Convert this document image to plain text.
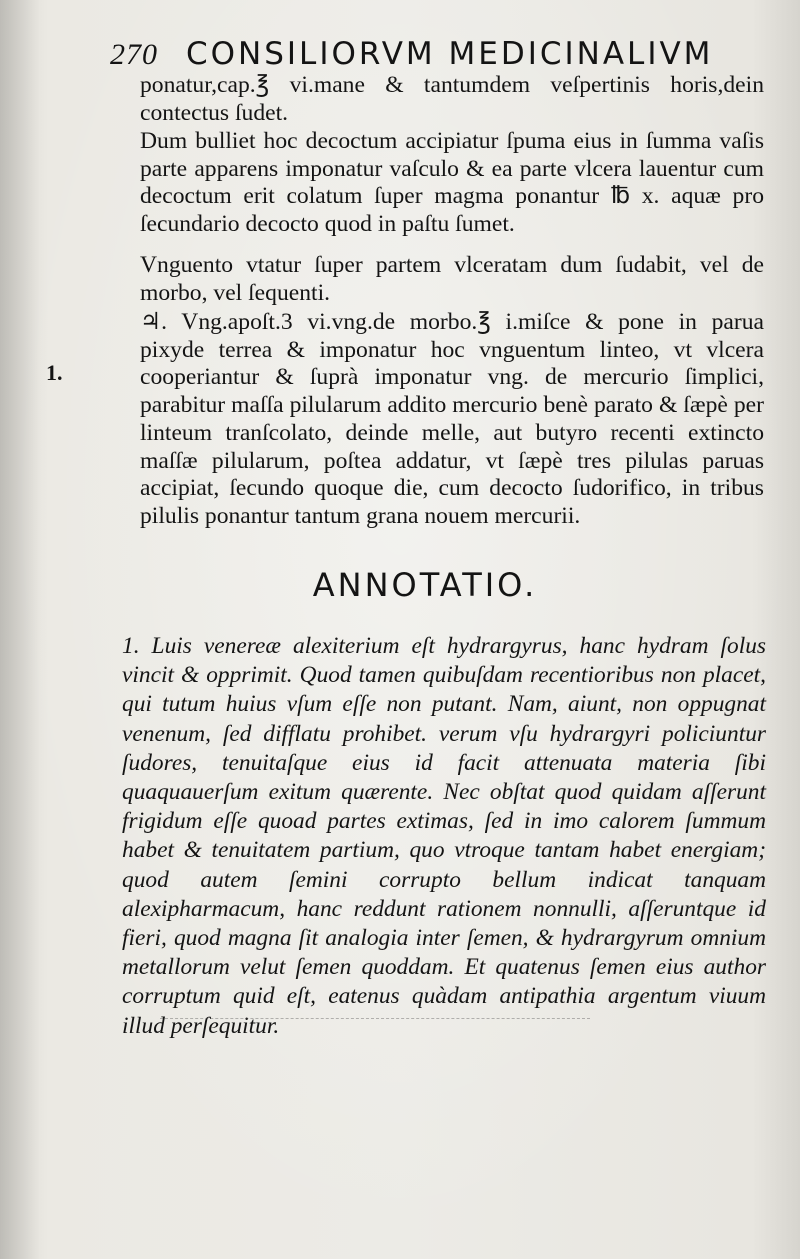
270 CONSILIORVM MEDICINALIVM
ponatur,cap.℥ vi.mane & tantumdem veſpertinis horis,dein contectus ſudet.
Dum bulliet hoc decoctum accipiatur ſpuma eius in ſumma vaſis parte apparens imponatur vaſculo & ea parte vlcera lauentur cum decoctum erit colatum ſuper magma ponantur ℔ x. aquæ pro ſecundario decocto quod in paſtu ſumet.
Vnguento vtatur ſuper partem vlceratam dum ſudabit, vel de morbo, vel ſequenti.
♃. Vng.apoſt.3 vi.vng.de morbo.℥ i.miſce & pone in parua pixyde terrea & imponatur hoc vnguentum linteo, vt vlcera cooperiantur & ſuprà imponatur vng. de mercurio ſimplici, parabitur maſſa pilularum addito mercurio benè parato & ſæpè per linteum tranſcolato, deinde melle, aut butyro recenti extincto maſſæ pilularum, poſtea addatur, vt ſæpè tres pilulas paruas accipiat, ſecundo quoque die, cum decocto ſudorifico, in tribus pilulis ponantur tantum grana nouem mercurii.
1.
ANNOTATIO.
1. Luis venereæ alexiterium eſt hydrargyrus, hanc hydram ſolus vincit & opprimit. Quod tamen quibuſdam recentioribus non placet, qui tutum huius vſum eſſe non putant. Nam, aiunt, non oppugnat venenum, ſed difflatu prohibet. verum vſu hydrargyri policiuntur ſudores, tenuitaſque eius id facit attenuata materia ſibi quaquauerſum exitum quærente. Nec obſtat quod quidam aſſerunt frigidum eſſe quoad partes extimas, ſed in imo calorem ſummum habet & tenuitatem partium, quo vtroque tantam habet energiam; quod autem ſemini corrupto bellum indicat tanquam alexipharmacum, hanc reddunt rationem nonnulli, aſſeruntque id fieri, quod magna ſit analogia inter ſemen, & hydrargyrum omnium metallorum velut ſemen quoddam. Et quatenus ſemen eius author corruptum quid eſt, eatenus quàdam antipathia argentum viuum illud perſequitur.
